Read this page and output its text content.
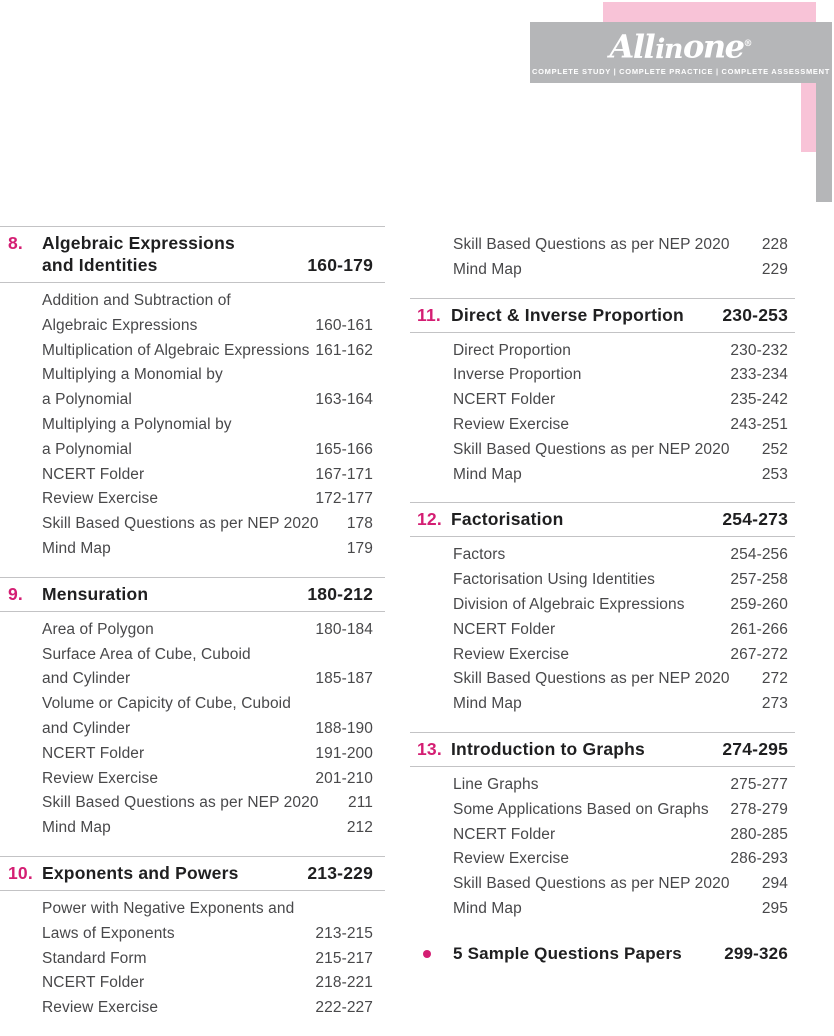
Allinone®
COMPLETE STUDY | COMPLETE PRACTICE | COMPLETE ASSESSMENT
8.	Algebraic Expressions
and Identities	160-179
Addition and Subtraction of
Algebraic Expressions	160-161
Multiplication of Algebraic Expressions 161-162
Multiplying a Monomial by
a Polynomial	163-164
Multiplying a Polynomial by
a Polynomial	165-166
NCERT Folder	167-171
Review Exercise	172-177
Skill Based Questions as per NEP 2020	178
Mind Map	179
9.	Mensuration	180-212
Area of Polygon	180-184
Surface Area of Cube, Cuboid
and Cylinder	185-187
Volume or Capicity of Cube, Cuboid
and Cylinder	188-190
NCERT Folder	191-200
Review Exercise	201-210
Skill Based Questions as per NEP 2020	211
Mind Map	212
10. Exponents and Powers	213-229
Power with Negative Exponents and
Laws of Exponents	213-215
Standard Form	215-217
NCERT Folder	218-221
Review Exercise	222-227
Skill Based Questions as per NEP 2020	228
Mind Map	229
11. Direct & Inverse Proportion	230-253
Direct Proportion	230-232
Inverse Proportion	233-234
NCERT Folder	235-242
Review Exercise	243-251
Skill Based Questions as per NEP 2020	252
Mind Map	253
12. Factorisation	254-273
Factors	254-256
Factorisation Using Identities	257-258
Division of Algebraic Expressions	259-260
NCERT Folder	261-266
Review Exercise	267-272
Skill Based Questions as per NEP 2020	272
Mind Map	273
13. Introduction to Graphs	274-295
Line Graphs	275-277
Some Applications Based on Graphs	278-279
NCERT Folder	280-285
Review Exercise	286-293
Skill Based Questions as per NEP 2020	294
Mind Map	295
5 Sample Questions Papers	299-326
